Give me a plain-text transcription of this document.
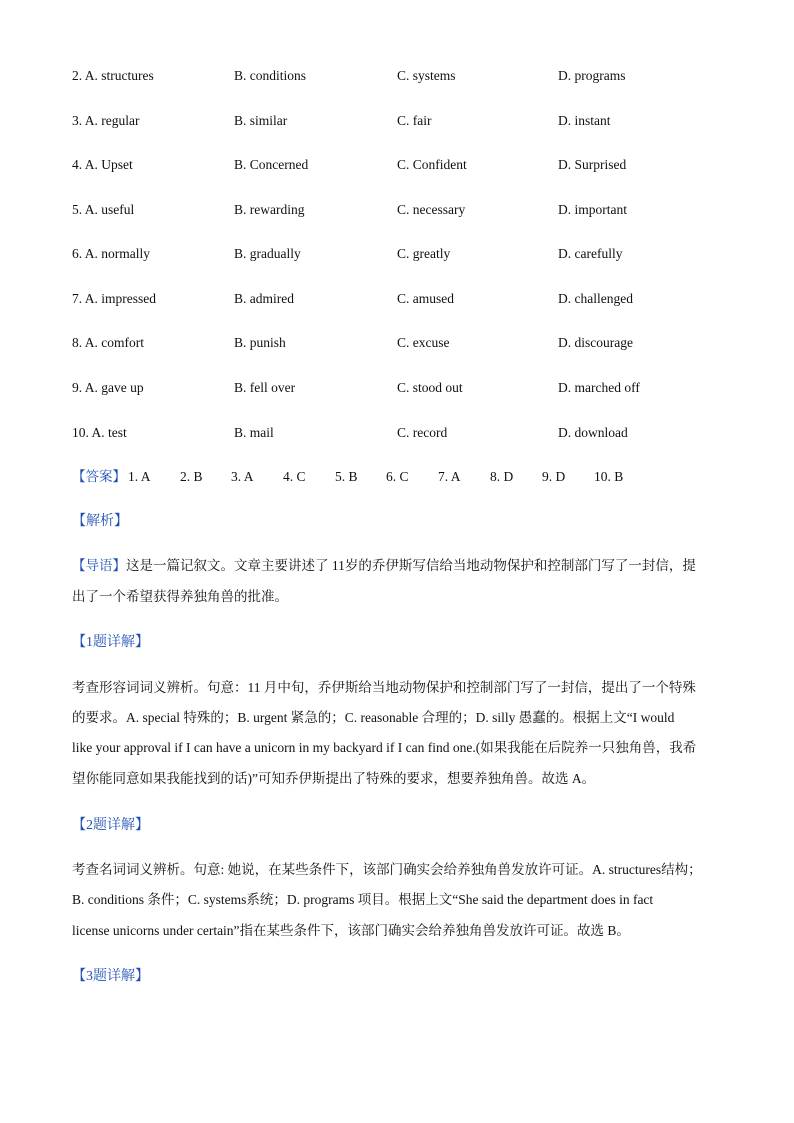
2. A. structures	B. conditions	C. systems	D. programs
3. A. regular	B. similar	C. fair	D. instant
4. A. Upset	B. Concerned	C. Confident	D. Surprised
5. A. useful	B. rewarding	C. necessary	D. important
6. A. normally	B. gradually	C. greatly	D. carefully
7. A. impressed	B. admired	C. amused	D. challenged
8. A. comfort	B. punish	C. excuse	D. discourage
9. A. gave up	B. fell over	C. stood out	D. marched off
10. A. test	B. mail	C. record	D. download
【答案】 1. A 2. B 3. A 4. C 5. B 6. C 7. A 8. D 9. D 10. B
【解析】
【导语】这是一篇记叙文。文章主要讲述了 11岁的乔伊斯写信给当地动物保护和控制部门写了一封信，提
出了一个希望获得养独角兽的批准。
【1题详解】
考查形容词词义辨析。句意：11 月中旬，乔伊斯给当地动物保护和控制部门写了一封信，提出了一个特殊
的要求。A. special 特殊的；B. urgent 紧急的；C. reasonable 合理的；D. silly 愚蠢的。根据上文“I would
like your approval if I can have a unicorn in my backyard if I can find one.(如果我能在后院养一只独角兽，我希
望你能同意如果我能找到的话)”可知乔伊斯提出了特殊的要求，想要养独角兽。故选 A。
【2题详解】
考查名词词义辨析。句意: 她说，在某些条件下，该部门确实会给养独角兽发放许可证。A. structures结构；
B. conditions 条件；C. systems系统；D. programs 项目。根据上文“She said the department does in fact
license unicorns under certain”指在某些条件下，该部门确实会给养独角兽发放许可证。故选 B。
【3题详解】
